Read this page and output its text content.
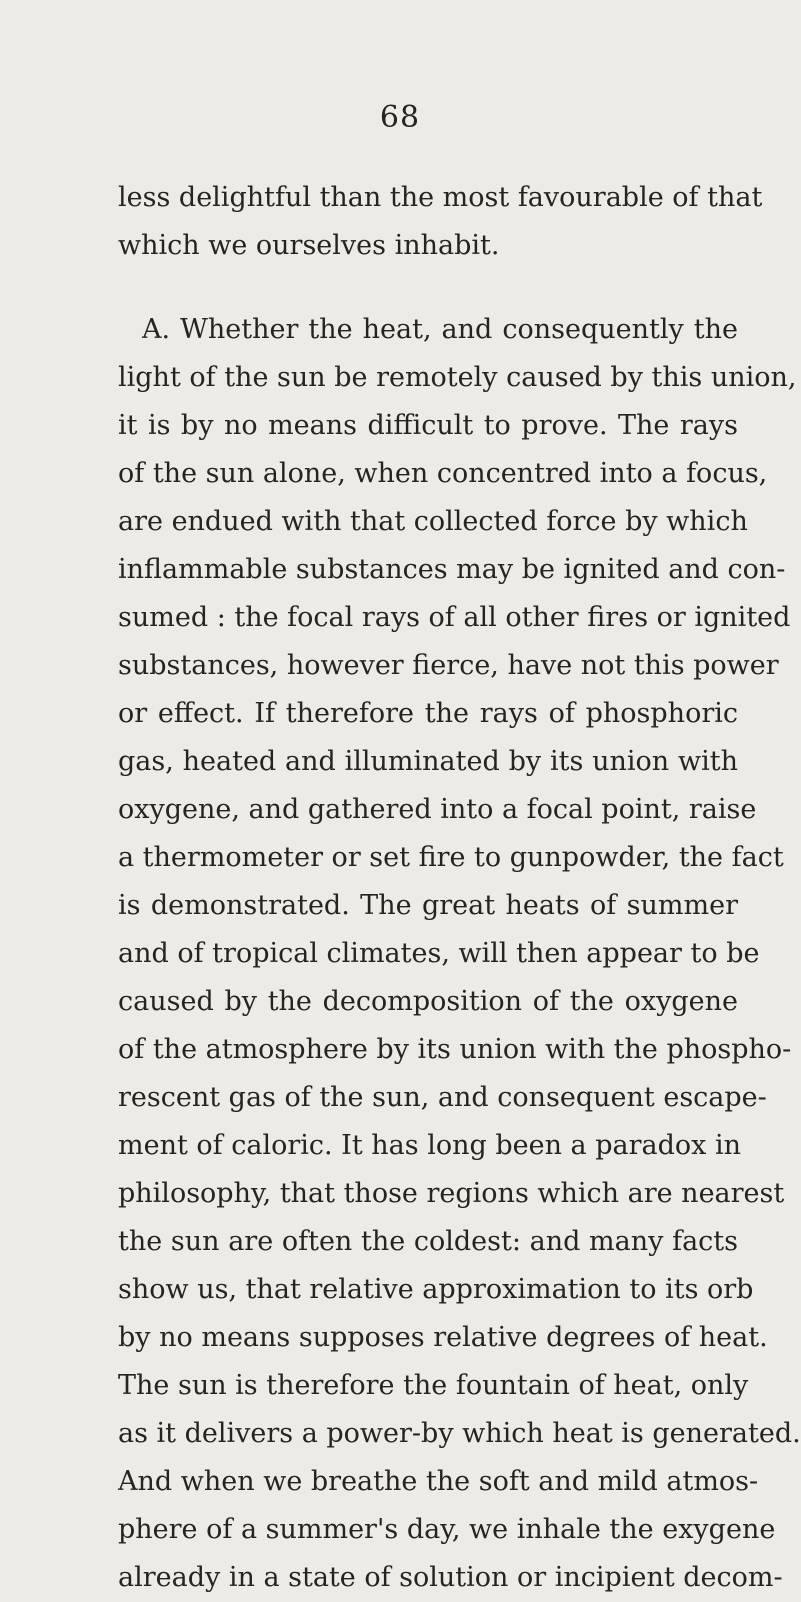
68
less delightful than the most favourable of that
which we ourselves inhabit.
A. Whether the heat, and consequently the
light of the sun be remotely caused by this union,
it is by no means difficult to prove. The rays
of the sun alone, when concentred into a focus,
are endued with that collected force by which
inflammable substances may be ignited and con-
sumed : the focal rays of all other fires or ignited
substances, however fierce, have not this power
or effect. If therefore the rays of phosphoric
gas, heated and illuminated by its union with
oxygene, and gathered into a focal point, raise
a thermometer or set fire to gunpowder, the fact
is demonstrated. The great heats of summer
and of tropical climates, will then appear to be
caused by the decomposition of the oxygene
of the atmosphere by its union with the phospho-
rescent gas of the sun, and consequent escape-
ment of caloric. It has long been a paradox in
philosophy, that those regions which are nearest
the sun are often the coldest: and many facts
show us, that relative approximation to its orb
by no means supposes relative degrees of heat.
The sun is therefore the fountain of heat, only
as it delivers a power-by which heat is generated.
And when we breathe the soft and mild atmos-
phere of a summer's day, we inhale the exygene
already in a state of solution or incipient decom-
